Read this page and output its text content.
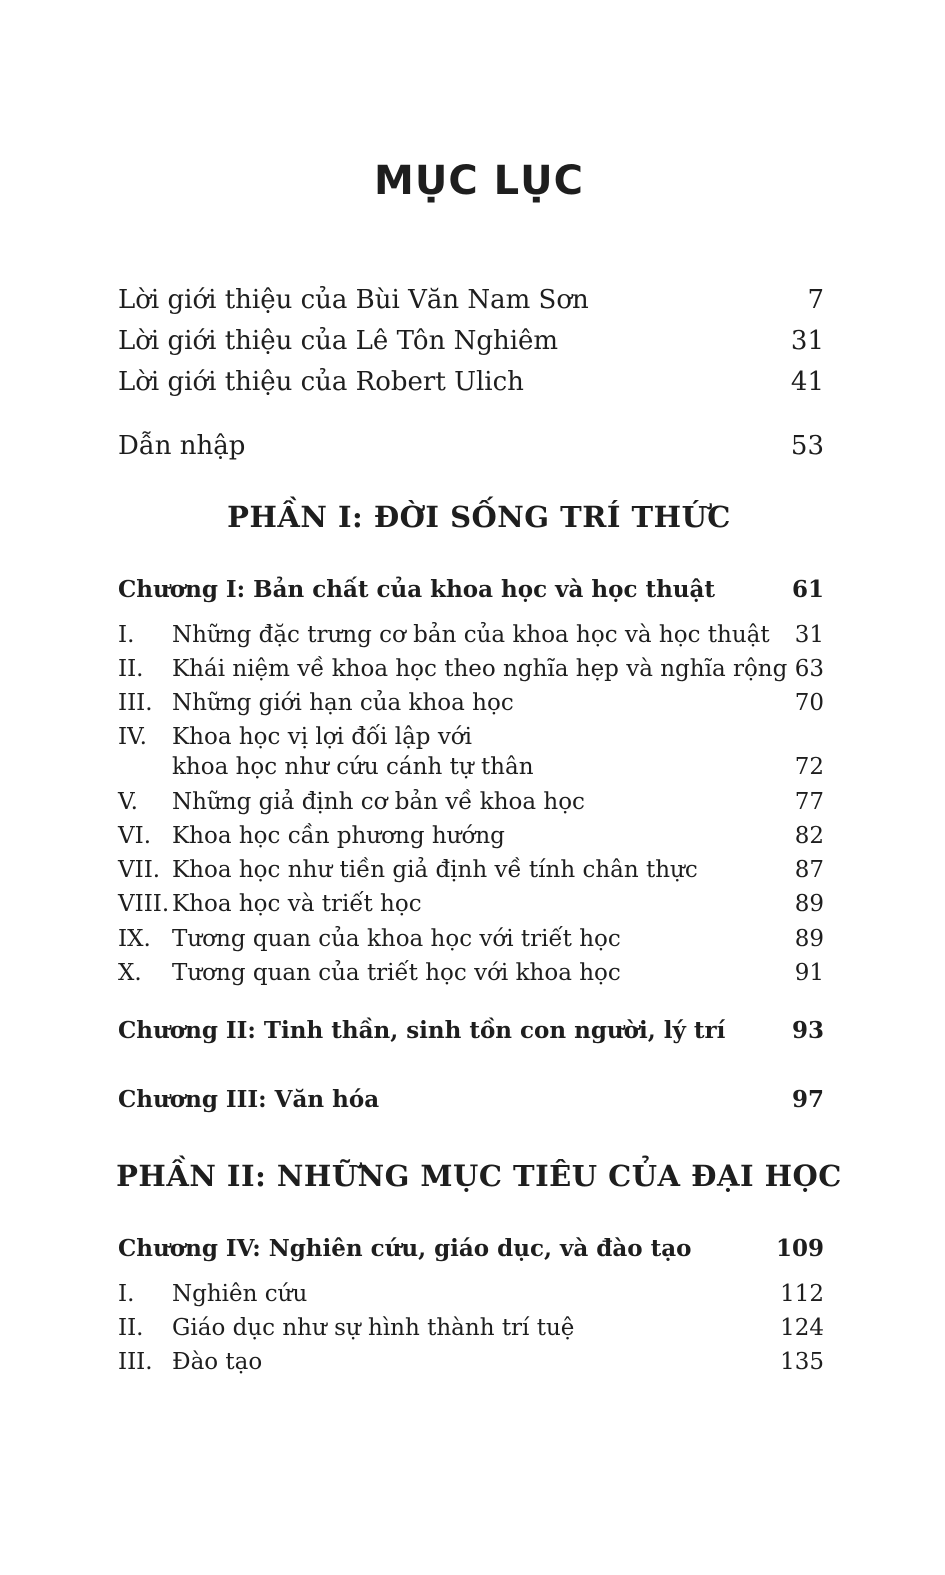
MỤC LỤC
Lời giới thiệu của Bùi Văn Nam Sơn	7
Lời giới thiệu của Lê Tôn Nghiêm	31
Lời giới thiệu của Robert Ulich	41
Dẫn nhập	53
PHẦN I: ĐỜI SỐNG TRÍ THỨC
Chương I: Bản chất của khoa học và học thuật	61
I.	Những đặc trưng cơ bản của khoa học và học thuật 31
II.	Khái niệm về khoa học theo nghĩa hẹp và nghĩa rộng 63
III. Những giới hạn của khoa học	70
IV.	Khoa học vị lợi đối lập với
khoa học như cứu cánh tự thân	72
V.	Những giả định cơ bản về khoa học	77
VI. Khoa học cần phương hướng	82
VII. Khoa học như tiền giả định về tính chân thực	87
VIII. Khoa học và triết học	89
IX. Tương quan của khoa học với triết học	89
X.	Tương quan của triết học với khoa học	91
Chương II: Tinh thần, sinh tồn con người, lý trí	93
Chương III: Văn hóa	97
PHẦN II: NHỮNG MỤC TIÊU CỦA ĐẠI HỌC
Chương IV: Nghiên cứu, giáo dục, và đào tạo	109
I.	Nghiên cứu	112
II.	Giáo dục như sự hình thành trí tuệ	124
III. Đào tạo	135
